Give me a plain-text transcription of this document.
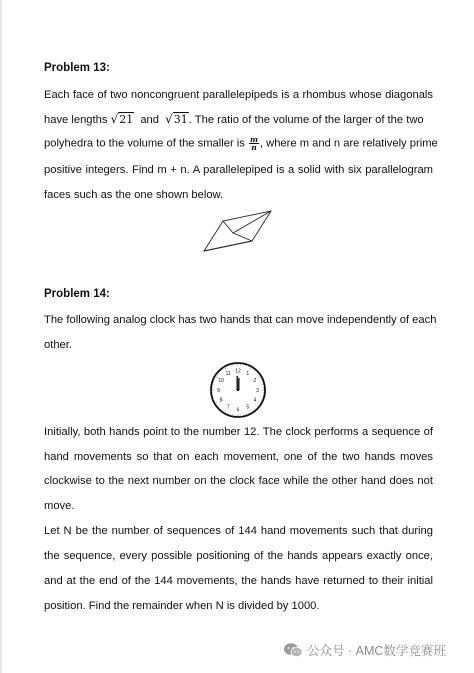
Problem 13:
Each face of two noncongruent parallelepipeds is a rhombus whose diagonals
have lengths √21 and √31. The ratio of the volume of the larger of the two
polyhedra to the volume of the smaller is $\frac{m}{n}$ , where m and n are relatively prime
positive integers. Find m + n. A parallelepiped is a solid with six parallelogram
faces such as the one shown below.
Problem 14:
The following analog clock has two hands that can move independently of each
other.
12 1
2
3
4
5
6
7
8
9
10
11
Initially, both hands point to the number 12. The clock performs a sequence of
hand movements so that on each movement, one of the two hands moves
clockwise to the next number on the clock face while the other hand does not
move.
Let N be the number of sequences of 144 hand movements such that during
the sequence, every possible positioning of the hands appears exactly once,
and at the end of the 144 movements, the hands have returned to their initial
position. Find the remainder when N is divided by 1000.
公众号 · AMC数学竞赛班
